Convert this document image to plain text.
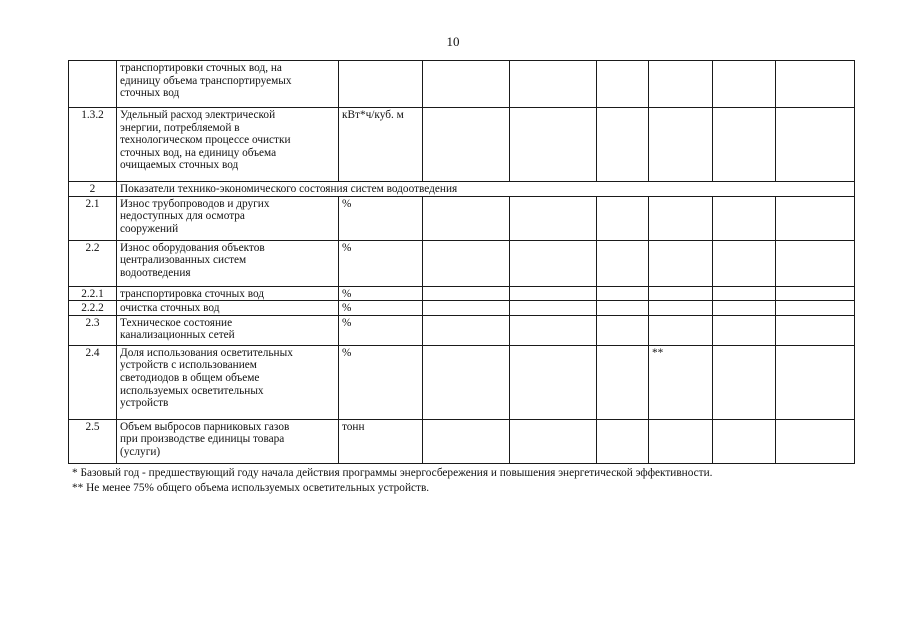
10
	транспортировки сточных вод, на
единицу объема транспортируемых
сточных вод							
1.3.2	Удельный расход электрической
энергии, потребляемой в
технологическом процессе очистки
сточных вод, на единицу объема
очищаемых сточных вод	кВт*ч/куб. м						
2	Показатели технико-экономического состояния систем водоотведения							
2.1	Износ трубопроводов и других
недоступных для осмотра
сооружений	%						
2.2	Износ оборудования объектов
централизованных систем
водоотведения	%						
2.2.1	транспортировка сточных вод	%						
2.2.2	очистка сточных вод	%						
2.3	Техническое состояние
канализационных сетей	%						
2.4	Доля использования осветительных
устройств с использованием
светодиодов в общем объеме
используемых осветительных
устройств	%				**		
2.5	Объем выбросов парниковых газов
при производстве единицы товара
(услуги)	тонн						
* Базовый год - предшествующий году начала действия программы энергосбережения и повышения энергетической эффективности.
** Не менее 75% общего объема используемых осветительных устройств.
